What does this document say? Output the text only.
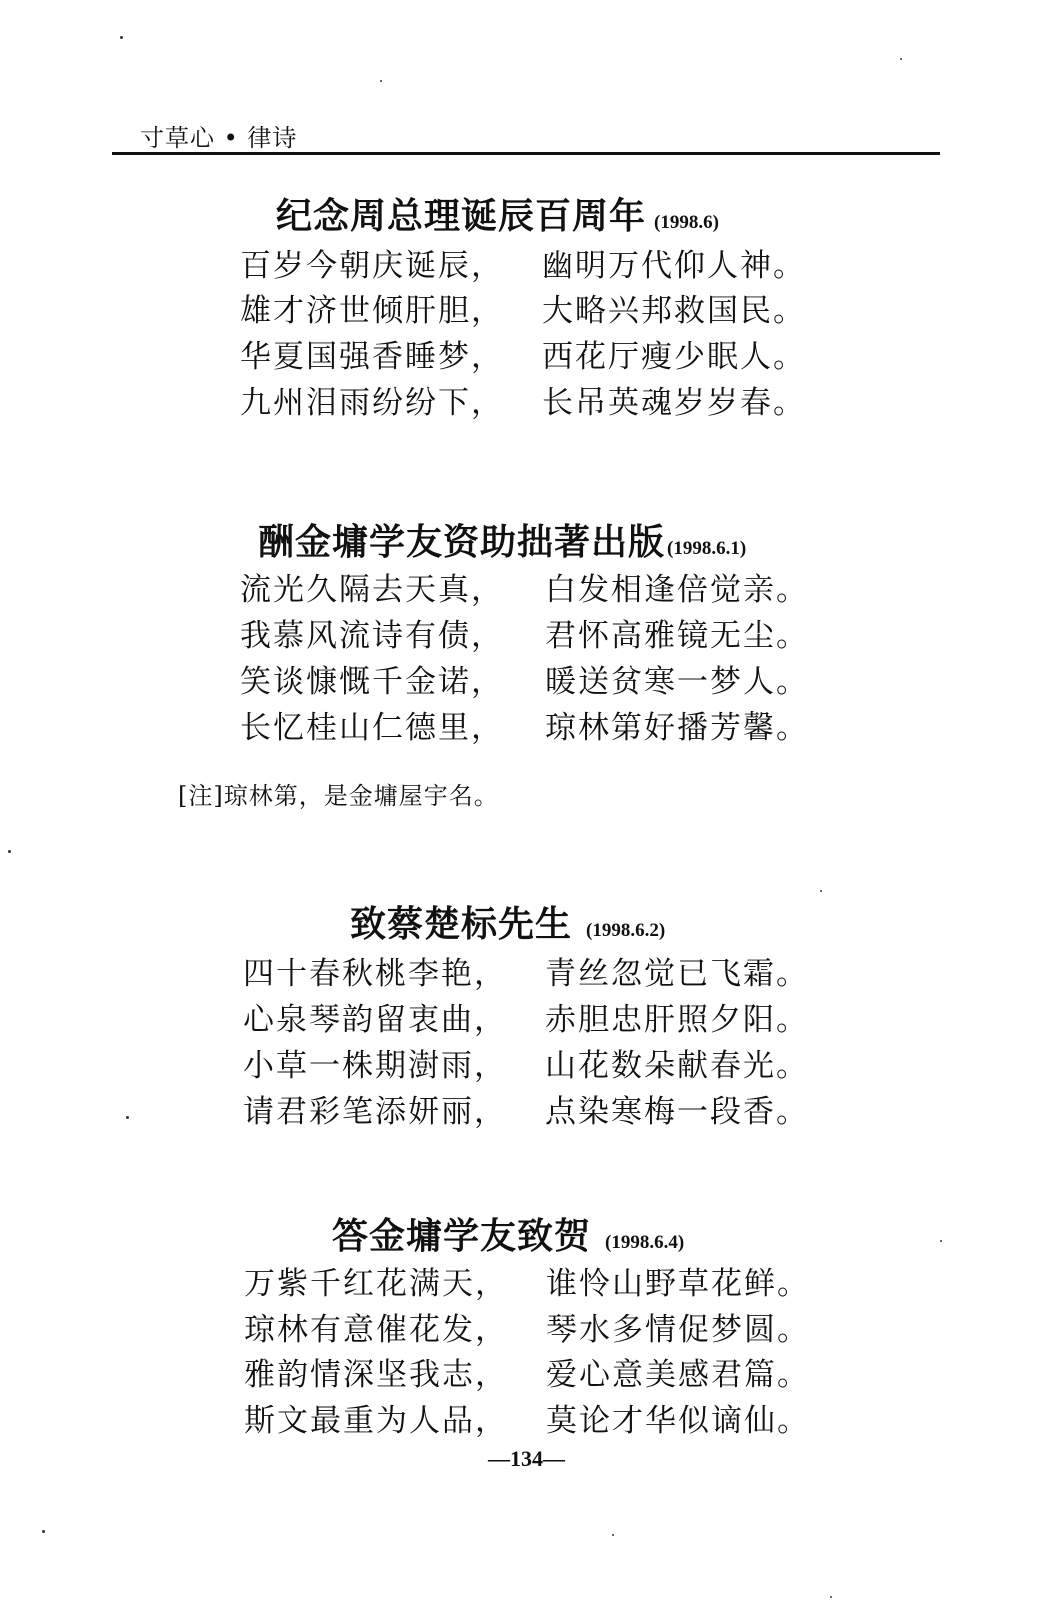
寸草心 • 律诗
纪念周总理诞辰百周年 (1998.6)
百岁今朝庆诞辰， 幽明万代仰人神。
雄才济世倾肝胆， 大略兴邦救国民。
华夏国强香睡梦， 西花厅瘦少眠人。
九州泪雨纷纷下， 长吊英魂岁岁春。
酬金墉学友资助拙著出版 (1998.6.1)
流光久隔去天真， 白发相逢倍觉亲。
我慕风流诗有债， 君怀高雅镜无尘。
笑谈慷慨千金诺， 暖送贫寒一梦人。
长忆桂山仁德里， 琼林第好播芳馨。
[注]琼林第，是金墉屋宇名。
致蔡楚标先生 (1998.6.2)
四十春秋桃李艳， 青丝忽觉已飞霜。
心泉琴韵留衷曲， 赤胆忠肝照夕阳。
小草一株期澍雨， 山花数朵献春光。
请君彩笔添妍丽， 点染寒梅一段香。
答金墉学友致贺 (1998.6.4)
万紫千红花满天， 谁怜山野草花鲜。
琼林有意催花发， 琴水多情促梦圆。
雅韵情深坚我志， 爱心意美感君篇。
斯文最重为人品， 莫论才华似谪仙。
—134—
